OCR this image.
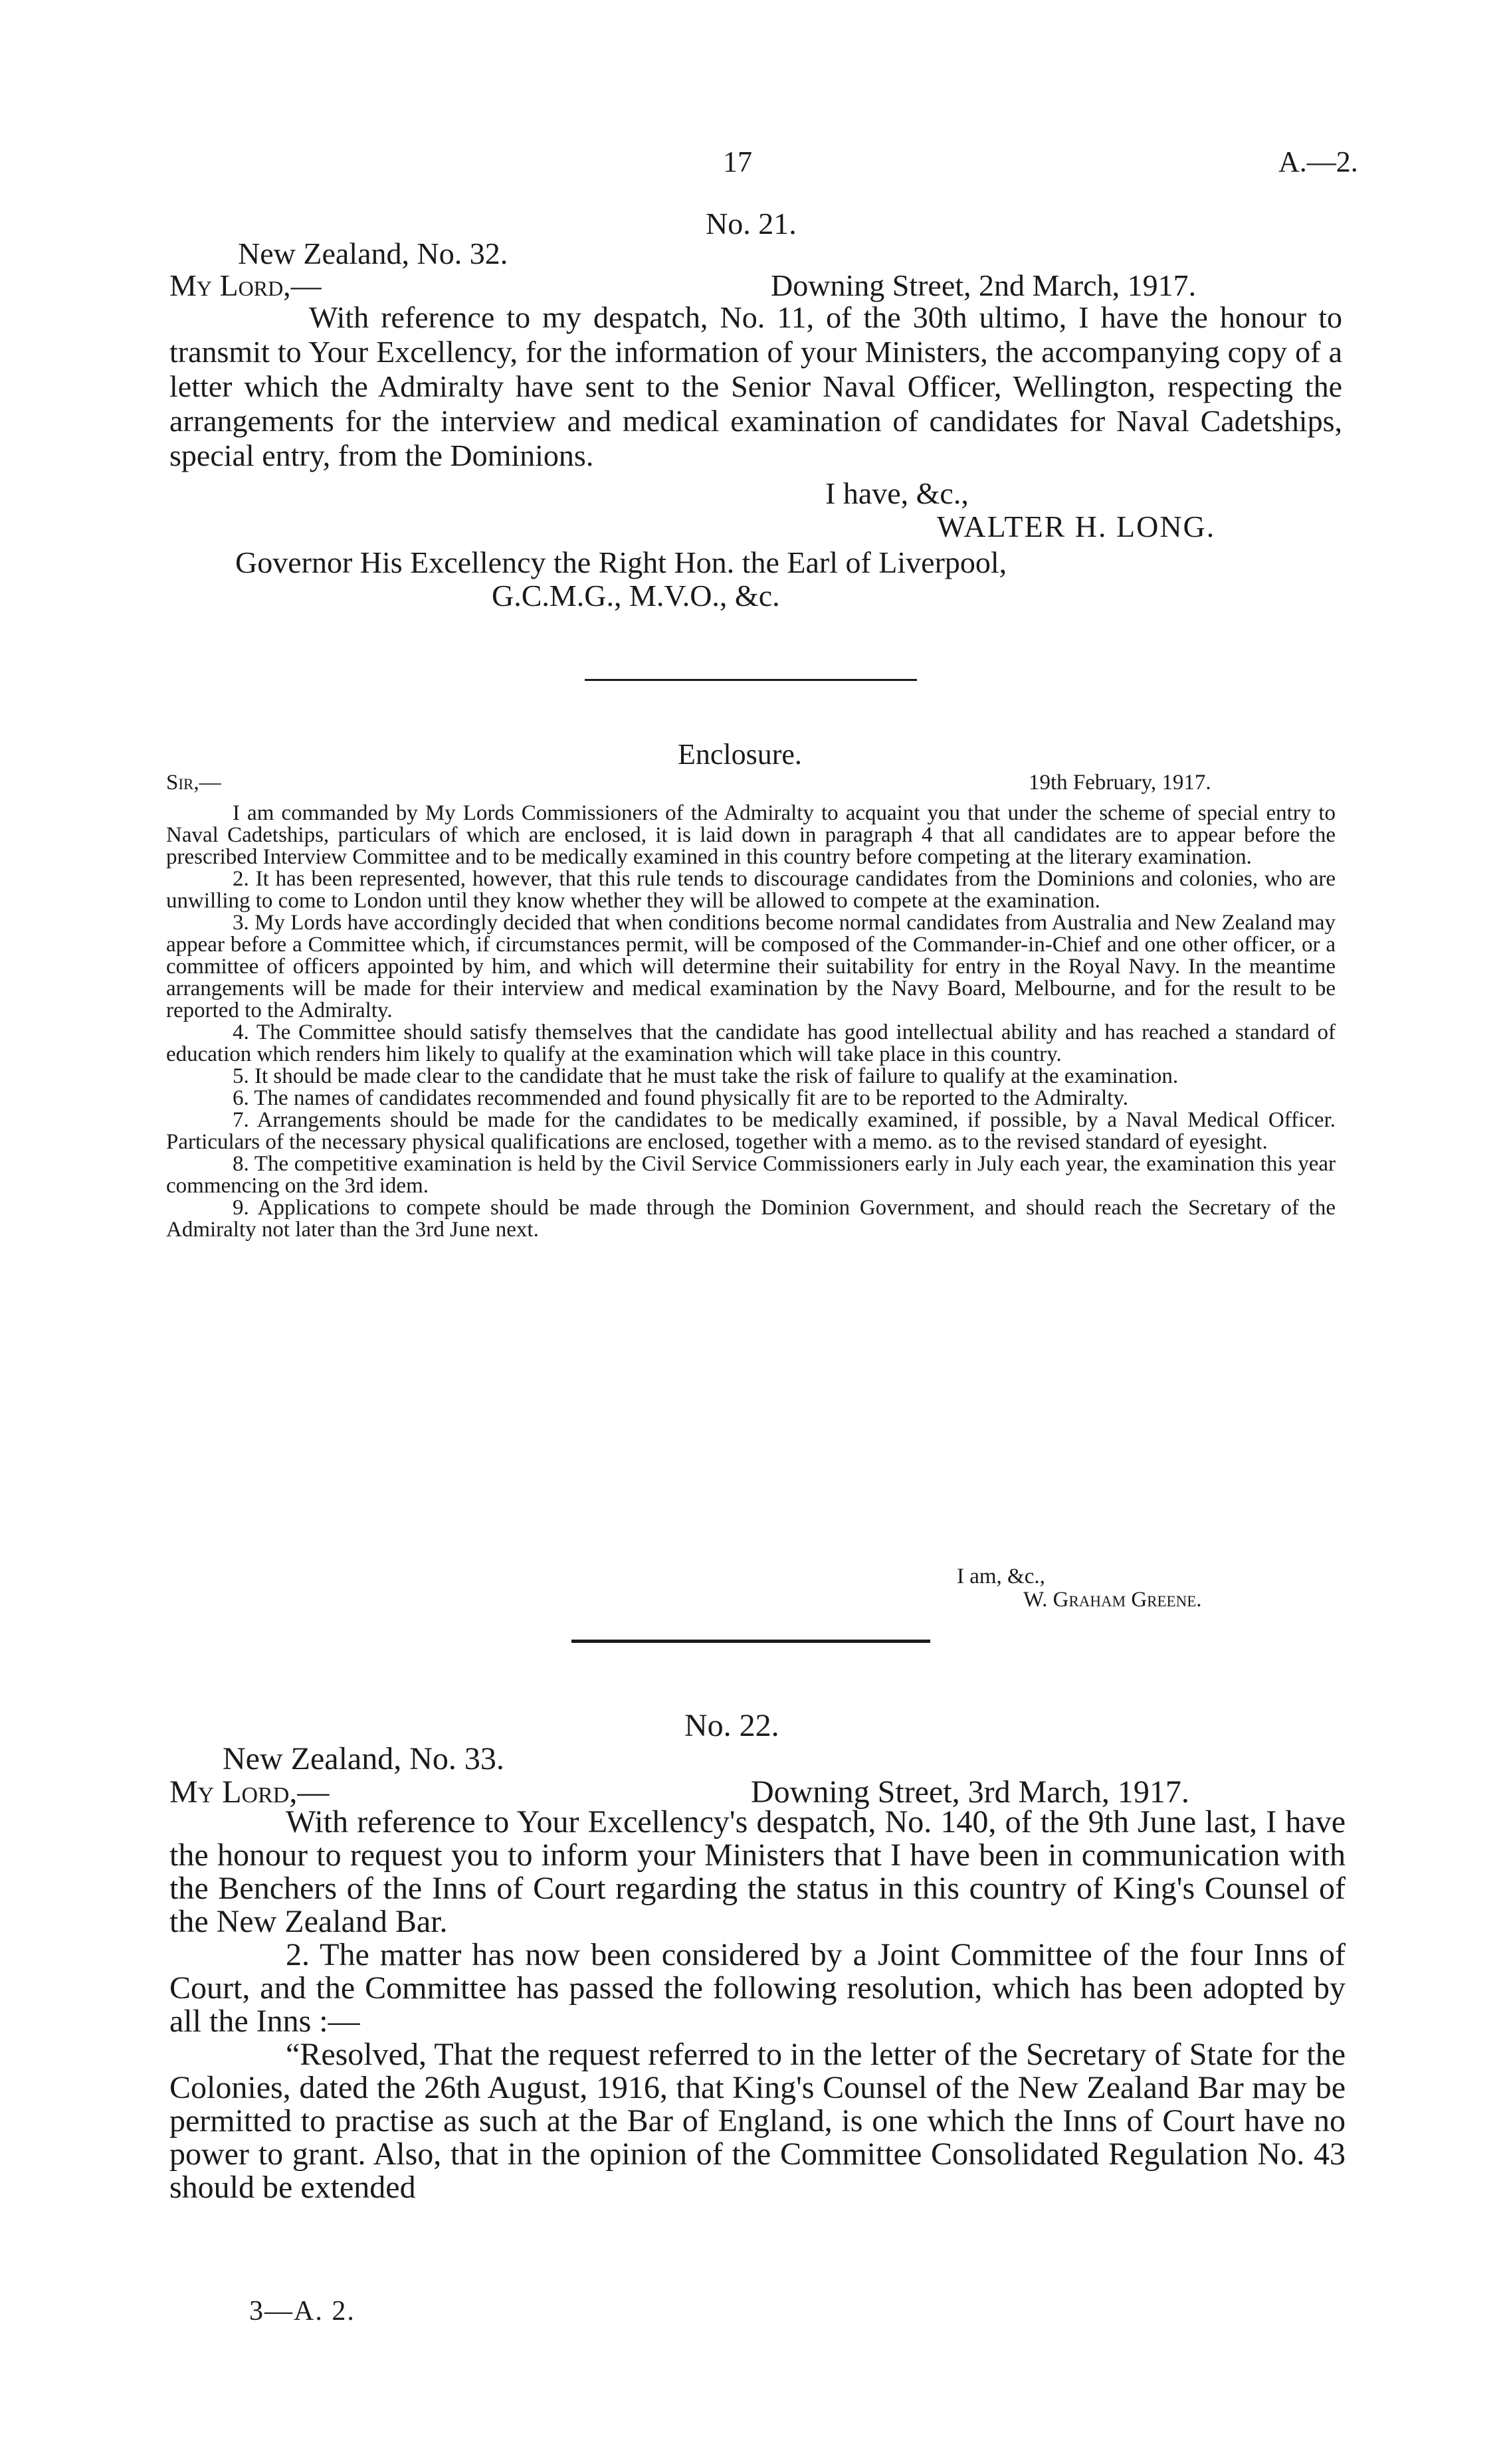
17	A.—2.
No. 21.
New Zealand, No. 32.
My Lord,—	Downing Street, 2nd March, 1917.

With reference to my despatch, No. 11, of the 30th ultimo, I have the honour to transmit to Your Excellency, for the information of your Ministers, the accompanying copy of a letter which the Admiralty have sent to the Senior Naval Officer, Wellington, respecting the arrangements for the interview and medical examination of candidates for Naval Cadetships, special entry, from the Dominions.

I have, &c.,
WALTER H. LONG.
Governor His Excellency the Right Hon. the Earl of Liverpool,
G.C.M.G., M.V.O., &c.
Enclosure.
Sir,—	19th February, 1917.

I am commanded by My Lords Commissioners of the Admiralty to acquaint you that under the scheme of special entry to Naval Cadetships, particulars of which are enclosed, it is laid down in paragraph 4 that all candidates are to appear before the prescribed Interview Committee and to be medically examined in this country before competing at the literary examination.

2. It has been represented, however, that this rule tends to discourage candidates from the Dominions and colonies, who are unwilling to come to London until they know whether they will be allowed to compete at the examination.

3. My Lords have accordingly decided that when conditions become normal candidates from Australia and New Zealand may appear before a Committee which, if circumstances permit, will be composed of the Commander-in-Chief and one other officer, or a committee of officers appointed by him, and which will determine their suitability for entry in the Royal Navy. In the meantime arrangements will be made for their interview and medical examination by the Navy Board, Melbourne, and for the result to be reported to the Admiralty.

4. The Committee should satisfy themselves that the candidate has good intellectual ability and has reached a standard of education which renders him likely to qualify at the examination which will take place in this country.

5. It should be made clear to the candidate that he must take the risk of failure to qualify at the examination.

6. The names of candidates recommended and found physically fit are to be reported to the Admiralty.

7. Arrangements should be made for the candidates to be medically examined, if possible, by a Naval Medical Officer. Particulars of the necessary physical qualifications are enclosed, together with a memo. as to the revised standard of eyesight.

8. The competitive examination is held by the Civil Service Commissioners early in July each year, the examination this year commencing on the 3rd idem.

9. Applications to compete should be made through the Dominion Government, and should reach the Secretary of the Admiralty not later than the 3rd June next.

I am, &c.,
W. Graham Greene.
No. 22.
New Zealand, No. 33.
My Lord,—	Downing Street, 3rd March, 1917.

With reference to Your Excellency's despatch, No. 140, of the 9th June last, I have the honour to request you to inform your Ministers that I have been in communication with the Benchers of the Inns of Court regarding the status in this country of King's Counsel of the New Zealand Bar.

2. The matter has now been considered by a Joint Committee of the four Inns of Court, and the Committee has passed the following resolution, which has been adopted by all the Inns :—

“Resolved, That the request referred to in the letter of the Secretary of State for the Colonies, dated the 26th August, 1916, that King's Counsel of the New Zealand Bar may be permitted to practise as such at the Bar of England, is one which the Inns of Court have no power to grant. Also, that in the opinion of the Committee Consolidated Regulation No. 43 should be extended

3—A. 2.
